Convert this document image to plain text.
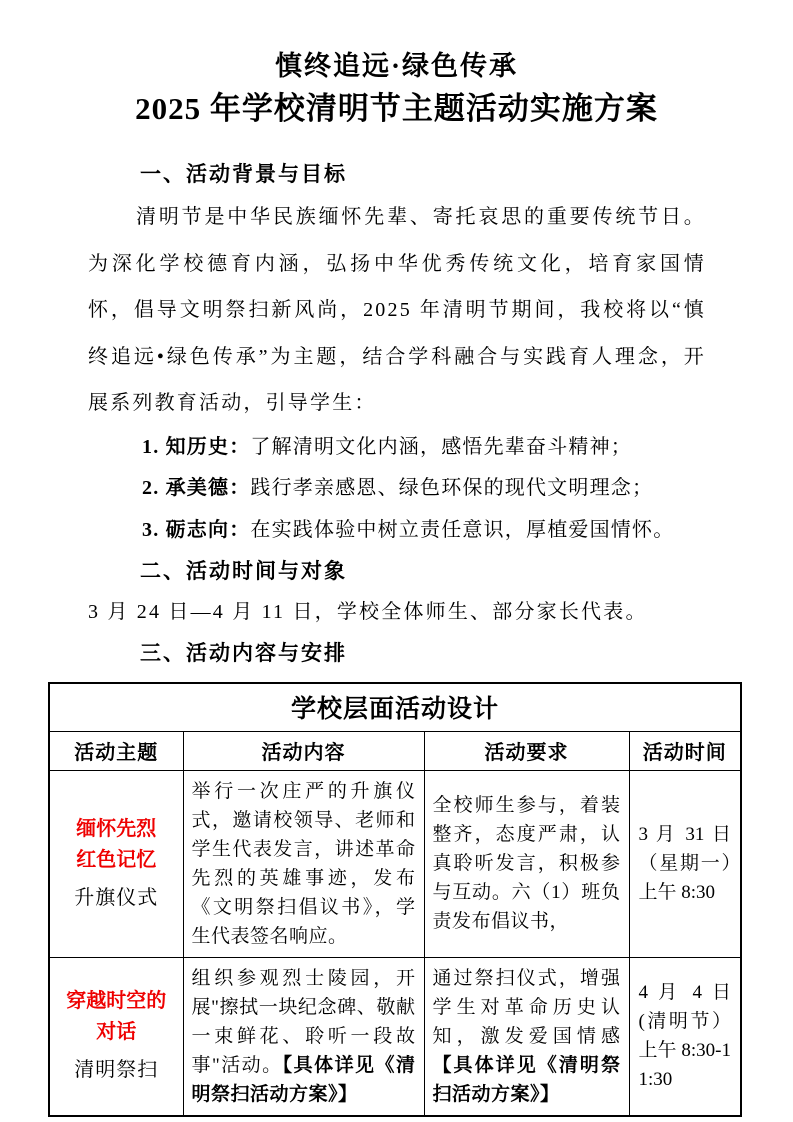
慎终追远·绿色传承
2025 年学校清明节主题活动实施方案
一、活动背景与目标

清明节是中华民族缅怀先辈、寄托哀思的重要传统节日。为深化学校德育内涵，弘扬中华优秀传统文化，培育家国情怀，倡导文明祭扫新风尚，2025 年清明节期间，我校将以“慎终追远•绿色传承”为主题，结合学科融合与实践育人理念，开展系列教育活动，引导学生：

1. 知历史：了解清明文化内涵，感悟先辈奋斗精神；
2. 承美德：践行孝亲感恩、绿色环保的现代文明理念；
3. 砺志向：在实践体验中树立责任意识，厚植爱国情怀。
二、活动时间与对象

3 月 24 日—4 月 11 日，学校全体师生、部分家长代表。

三、活动内容与安排
学校层面活动设计			
活动主题	活动内容	活动要求	活动时间

缅怀先烈
红色记忆
升旗仪式	举行一次庄严的升旗仪式，邀请校领导、老师和学生代表发言，讲述革命先烈的英雄事迹，发布《文明祭扫倡议书》，学生代表签名响应。	全校师生参与，着装整齐，态度严肃，认真聆听发言，积极参与互动。六（1）班负责发布倡议书，	3 月 31 日（星期一）上午 8:30

穿越时空的
对话
清明祭扫	组织参观烈士陵园，开展"擦拭一块纪念碑、敬献一束鲜花、聆听一段故事"活动。【具体详见《清明祭扫活动方案》】	通过祭扫仪式，增强学生对革命历史认知，激发爱国情感【具体详见《清明祭扫活动方案》】	4 月 4 日(清明节）上午 8:30-11:30
